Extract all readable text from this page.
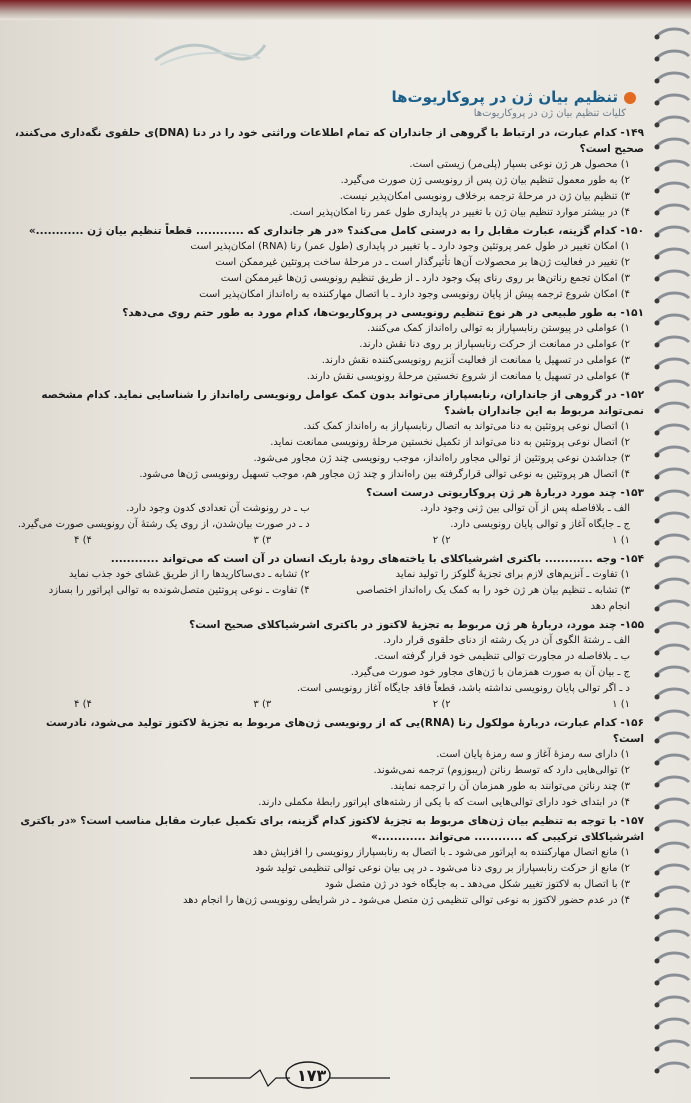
تنظیم بیان ژن در پروکاریوت‌ها
کلیات تنظیم بیان ژن در پروکاریوت‌ها
۱۴۹- کدام عبارت، در ارتباط با گروهی از جانداران که تمام اطلاعات وراثتی خود را در دنا (DNA)ی حلقوی نگه‌داری می‌کنند، صحیح است؟
۱) محصول هر ژن نوعی بسپار (پلی‌مر) زیستی است.
۲) به طور معمول تنظیم بیان ژن پس از رونویسی ژن صورت می‌گیرد.
۳) تنظیم بیان ژن در مرحلهٔ ترجمه برخلاف رونویسی امکان‌پذیر نیست.
۴) در بیشتر موارد تنظیم بیان ژن با تغییر در پایداری طول عمر رنا امکان‌پذیر است.
۱۵۰- کدام گزینه، عبارت مقابل را به درستی کامل می‌کند؟ «در هر جانداری که ............ قطعاً تنظیم بیان ژن ............»
۱) امکان تغییر در طول عمر پروتئین وجود دارد ـ با تغییر در پایداری (طول عمر) رنا (RNA) امکان‌پذیر است
۲) تغییر در فعالیت ژن‌ها بر محصولات آن‌ها تأثیرگذار است ـ در مرحلهٔ ساخت پروتئین غیرممکن است
۳) امکان تجمع رناتن‌ها بر روی رنای پیک وجود دارد ـ از طریق تنظیم رونویسی ژن‌ها غیرممکن است
۴) امکان شروع ترجمه پیش از پایان رونویسی وجود دارد ـ با اتصال مهارکننده به راه‌انداز امکان‌پذیر است
۱۵۱- به طور طبیعی در هر نوع تنظیم رونویسی در پروکاریوت‌ها، کدام مورد به طور حتم روی می‌دهد؟
۱) عواملی در پیوستن رنابسپاراز به توالی راه‌انداز کمک می‌کنند.
۲) عواملی در ممانعت از حرکت رنابسپاراز بر روی دنا نقش دارند.
۳) عواملی در تسهیل یا ممانعت از فعالیت آنزیم رونویسی‌کننده نقش دارند.
۴) عواملی در تسهیل یا ممانعت از شروع نخستین مرحلهٔ رونویسی نقش دارند.
۱۵۲- در گروهی از جانداران، رنابسپاراز می‌تواند بدون کمک عوامل رونویسی راه‌انداز را شناسایی نماید. کدام مشخصه نمی‌تواند مربوط به این جانداران باشد؟
۱) اتصال نوعی پروتئین به دنا می‌تواند به اتصال رنابسپاراز به راه‌انداز کمک کند.
۲) اتصال نوعی پروتئین به دنا می‌تواند از تکمیل نخستین مرحلهٔ رونویسی ممانعت نماید.
۳) جداشدن نوعی پروتئین از توالی مجاور راه‌انداز، موجب رونویسی چند ژن مجاور می‌شود.
۴) اتصال هر پروتئین به نوعی توالی قرارگرفته بین راه‌انداز و چند ژن مجاور هم، موجب تسهیل رونویسی ژن‌ها می‌شود.
۱۵۳- چند مورد دربارهٔ هر ژن پروکاریوتی درست است؟
الف ـ بلافاصله پس از آن توالی بین ژنی وجود دارد.
ب ـ در رونوشت آن تعدادی کدون وجود دارد.
ج ـ جایگاه آغاز و توالی پایان رونویسی دارد.
د ـ در صورت بیان‌شدن، از روی یک رشتهٔ آن رونویسی صورت می‌گیرد.
۱) ۱
۲) ۲
۳) ۳
۴) ۴
۱۵۴- وجه ............ باکتری اشرشیاکلای با یاخته‌های رودهٔ باریک انسان در آن است که می‌تواند ............
۱) تفاوت ـ آنزیم‌های لازم برای تجزیهٔ گلوکز را تولید نماید
۲) تشابه ـ دی‌ساکاریدها را از طریق غشای خود جذب نماید
۳) تشابه ـ تنظیم بیان هر ژن خود را به کمک یک راه‌انداز اختصاصی انجام دهد
۴) تفاوت ـ نوعی پروتئین متصل‌شونده به توالی اپراتور را بسازد
۱۵۵- چند مورد، دربارهٔ هر ژن مربوط به تجزیهٔ لاکتوز در باکتری اشرشیاکلای صحیح است؟
الف ـ رشتهٔ الگوی آن در یک رشته از دنای حلقوی قرار دارد.
ب ـ بلافاصله در مجاورت توالی تنظیمی خود قرار گرفته است.
ج ـ بیان آن به صورت همزمان با ژن‌های مجاور خود صورت می‌گیرد.
د ـ اگر توالی پایان رونویسی نداشته باشد، قطعاً فاقد جایگاه آغاز رونویسی است.
۱) ۱
۲) ۲
۳) ۳
۴) ۴
۱۵۶- کدام عبارت، دربارهٔ مولکول رنا (RNA)یی که از رونویسی ژن‌های مربوط به تجزیهٔ لاکتوز تولید می‌شود، نادرست است؟
۱) دارای سه رمزهٔ آغاز و سه رمزهٔ پایان است.
۲) توالی‌هایی دارد که توسط رناتن (ریبوزوم) ترجمه نمی‌شوند.
۳) چند رناتن می‌توانند به طور همزمان آن را ترجمه نمایند.
۴) در ابتدای خود دارای توالی‌هایی است که با یکی از رشته‌های اپراتور رابطهٔ مکملی دارند.
۱۵۷- با توجه به تنظیم بیان ژن‌های مربوط به تجزیهٔ لاکتوز کدام گزینه، برای تکمیل عبارت مقابل مناسب است؟ «در باکتری اشرشیاکلای ترکیبی که ............ می‌تواند ............»
۱) مانع اتصال مهارکننده به اپراتور می‌شود ـ با اتصال به رنابسپاراز رونویسی را افزایش دهد
۲) مانع از حرکت رنابسپاراز بر روی دنا می‌شود ـ در پی بیان نوعی توالی تنظیمی تولید شود
۳) با اتصال به لاکتوز تغییر شکل می‌دهد ـ به جایگاه خود در ژن متصل شود
۴) در عدم حضور لاکتوز به نوعی توالی تنظیمی ژن متصل می‌شود ـ در شرایطی رونویسی ژن‌ها را انجام دهد
۱۷۳
